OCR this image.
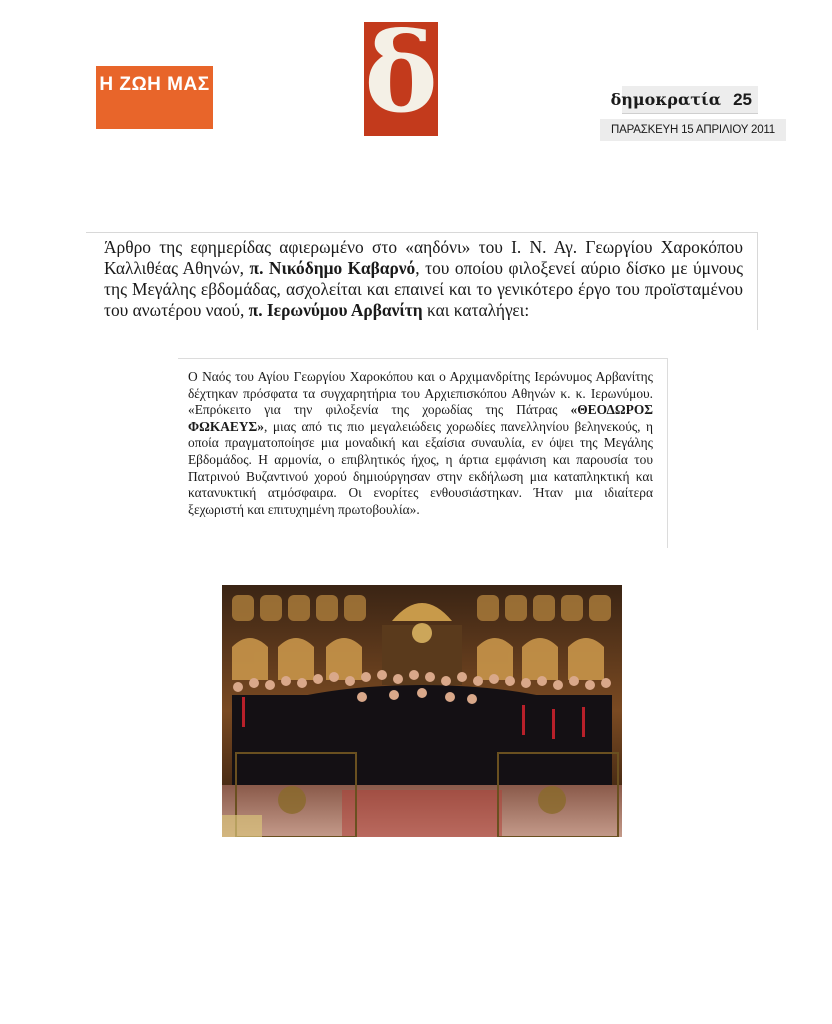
Η ΖΩΗ ΜΑΣ δ	δημοκρατία 25
ΠΑΡΑΣΚΕΥΗ 15 ΑΠΡΙΛΙΟΥ 2011
Άρθρο της εφημερίδας αφιερωμένο στο «αηδόνι» του Ι. Ν. Αγ. Γεωργίου Χαροκόπου Καλλιθέας Αθηνών, π. Νικόδημο Καβαρνό, του οποίου φιλοξενεί αύριο δίσκο με ύμνους της Μεγάλης εβδομάδας, ασχολείται και επαινεί και το γενικότερο έργο του προϊσταμένου του ανωτέρου ναού, π. Ιερωνύμου Αρβανίτη και καταλήγει:
Ο Ναός του Αγίου Γεωργίου Χαροκόπου και ο Αρχιμανδρίτης Ιερώνυμος Αρβανίτης δέχτηκαν πρόσφατα τα συγχαρητήρια του Αρχιεπισκόπου Αθηνών κ. κ. Ιερωνύμου. «Επρόκειτο για την φιλοξενία της χορωδίας της Πάτρας «ΘΕΟΔΩΡΟΣ ΦΩΚΑΕΥΣ», μιας από τις πιο μεγαλειώδεις χορωδίες πανελληνίου βεληνεκούς, η οποία πραγματοποίησε μια μοναδική και εξαίσια συναυλία, εν όψει της Μεγάλης Εβδομάδος. Η αρμονία, ο επιβλητικός ήχος, η άρτια εμφάνιση και παρουσία του Πατρινού Βυζαντινού χορού δημιούργησαν στην εκδήλωση μια καταπληκτική και κατανυκτική ατμόσφαιρα. Οι ενορίτες ενθουσιάστηκαν. Ήταν μια ιδιαίτερα ξεχωριστή και επιτυχημένη πρωτοβουλία».
